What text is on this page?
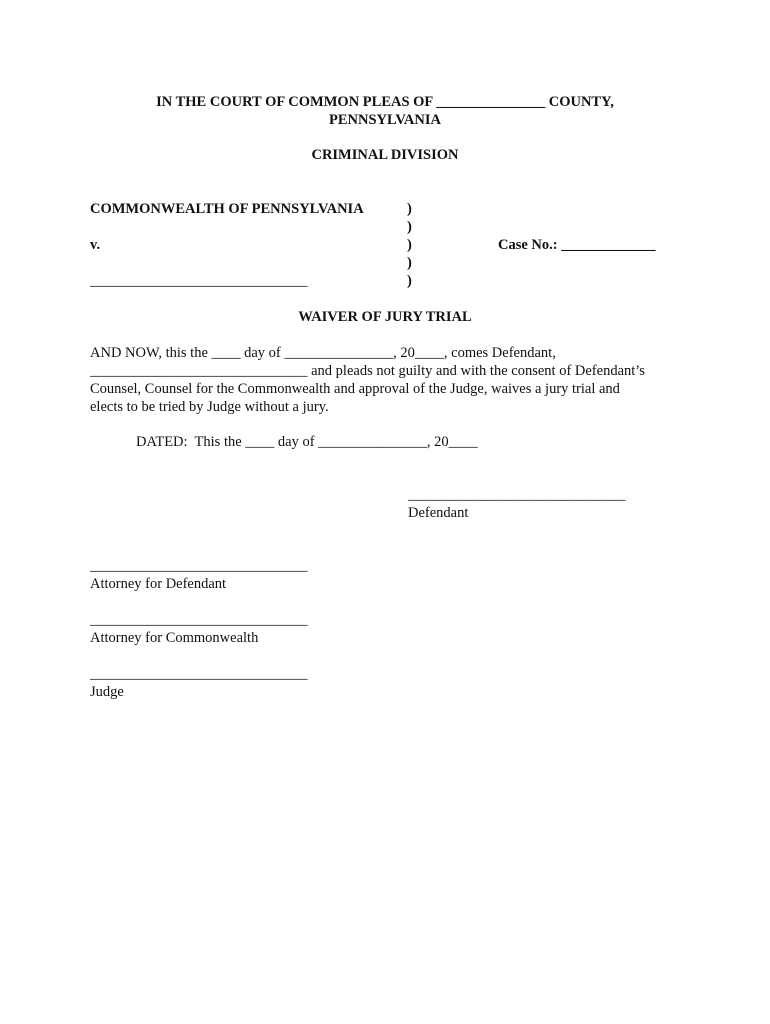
IN THE COURT OF COMMON PLEAS OF _______________ COUNTY,
PENNSYLVANIA
CRIMINAL DIVISION
COMMONWEALTH OF PENNSYLVANIA
v.
______________________________
)
)
)
)
)
Case No.: _____________
WAIVER OF JURY TRIAL
AND NOW, this the ____ day of _______________, 20____, comes Defendant,
______________________________ and pleads not guilty and with the consent of Defendant’s
Counsel, Counsel for the Commonwealth and approval of the Judge, waives a jury trial and
elects to be tried by Judge without a jury.
DATED:  This the ____ day of _______________, 20____
______________________________
Defendant
______________________________
Attorney for Defendant
______________________________
Attorney for Commonwealth
______________________________
Judge
